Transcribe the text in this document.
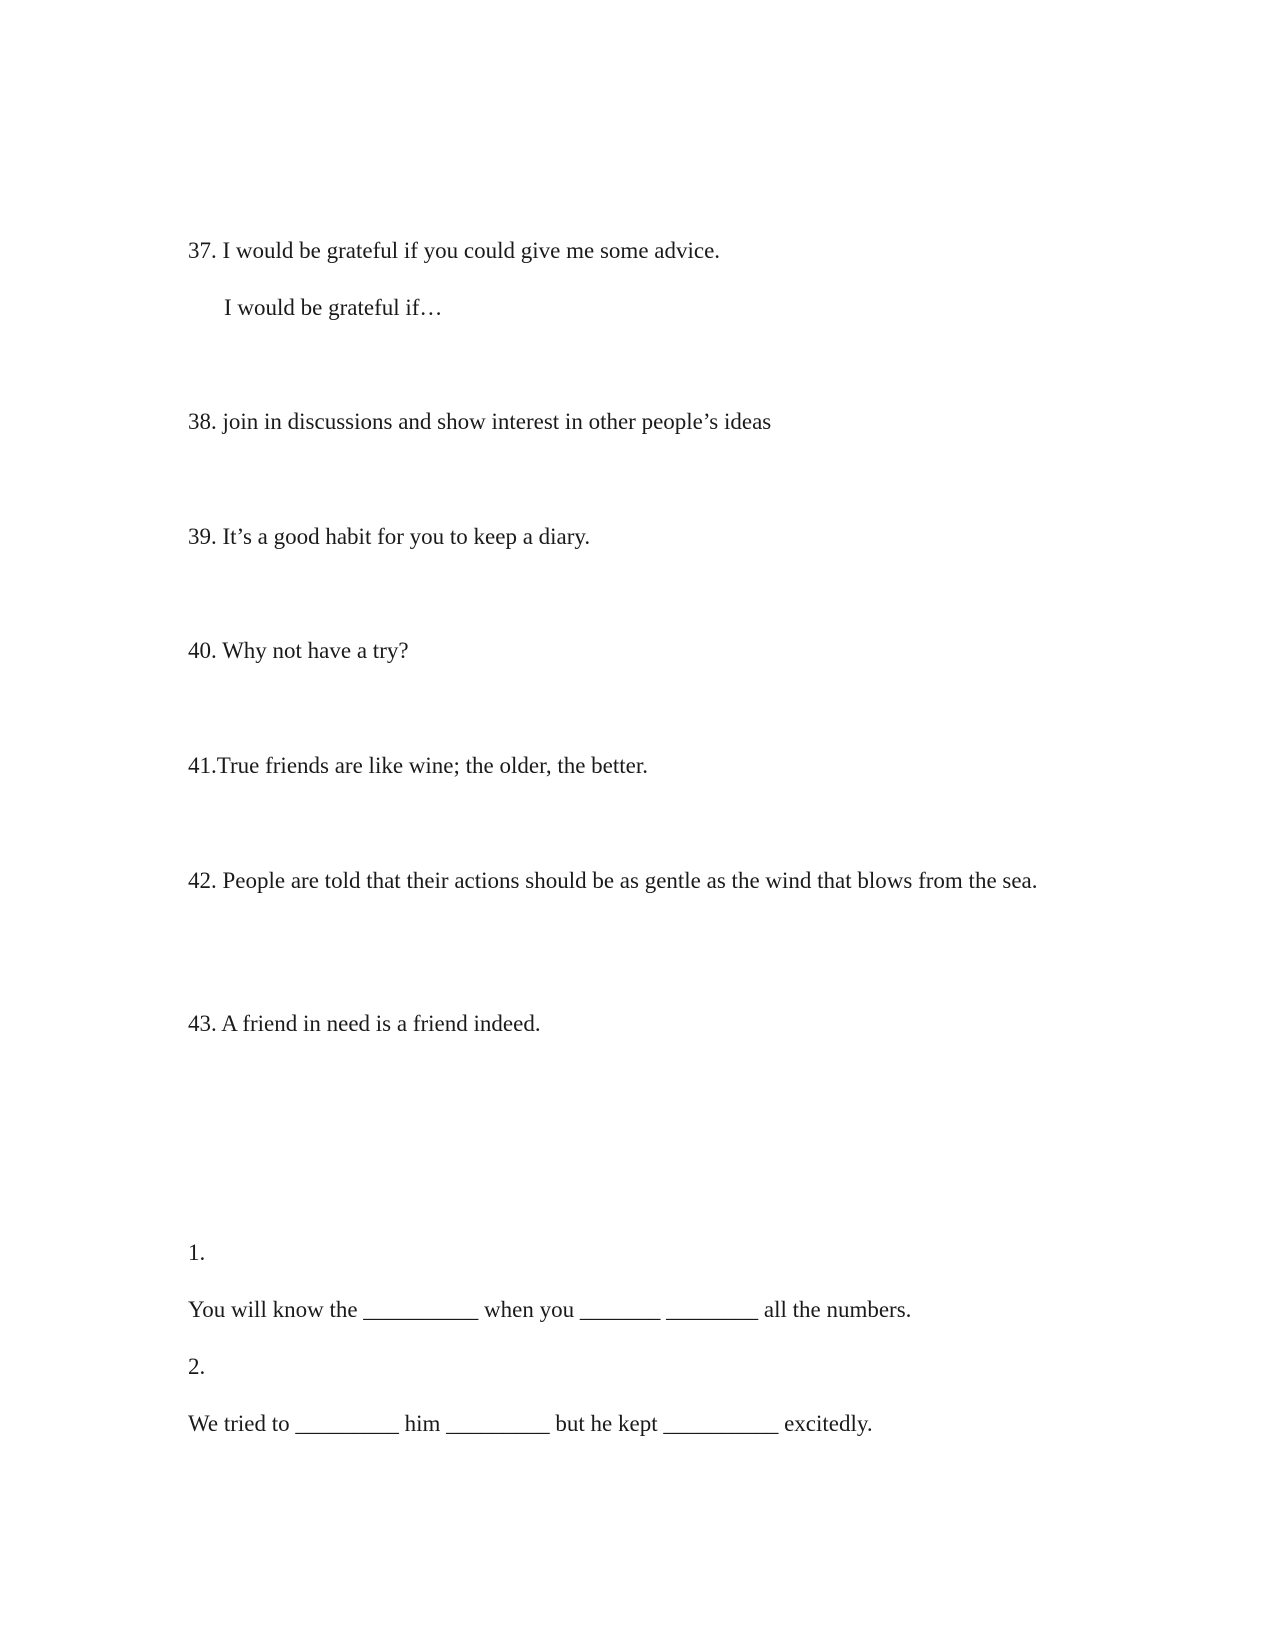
37. I would be grateful if you could give me some advice.
I would be grateful if…
38. join in discussions and show interest in other people’s ideas
39. It’s a good habit for you to keep a diary.
40. Why not have a try?
41.True friends are like wine; the older, the better.
42. People are told that their actions should be as gentle as the wind that blows from the sea.
43. A friend in need is a friend indeed.
1.
You will know the __________ when you _______ ________ all the numbers.
2.
We tried to _________ him _________ but he kept __________ excitedly.
